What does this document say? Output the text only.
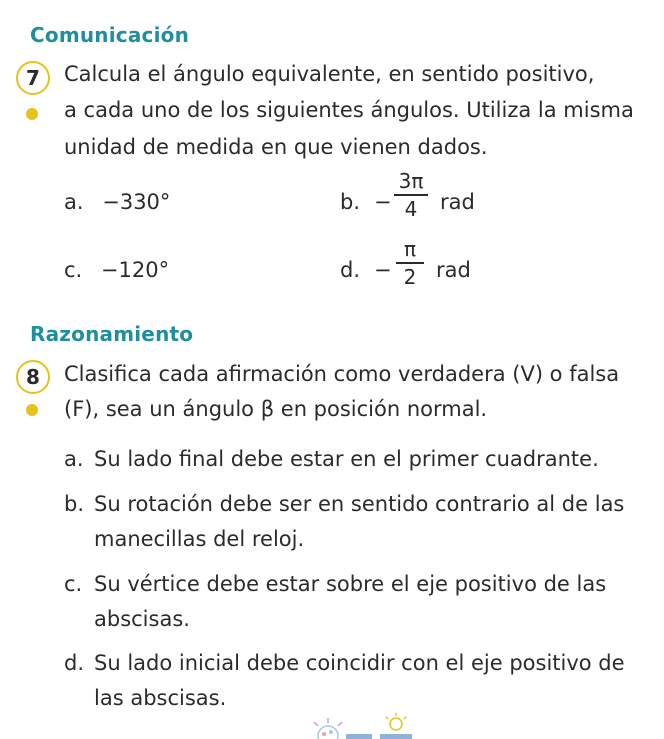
Comunicación
7	Calcula el ángulo equivalente, en sentido positivo,
a cada uno de los siguientes ángulos. Utiliza la misma
unidad de medida en que vienen dados.
a. −330°	b. −
3π
4	rad
c. −120°	d. −
π
2 rad
Razonamiento
8	Clasifica cada afirmación como verdadera (V) o falsa
(F), sea un ángulo β en posición normal.
a. Su lado final debe estar en el primer cuadrante.
b. Su rotación debe ser en sentido contrario al de las
manecillas del reloj.
c. Su vértice debe estar sobre el eje positivo de las
abscisas.
d. Su lado inicial debe coincidir con el eje positivo de
las abscisas.
